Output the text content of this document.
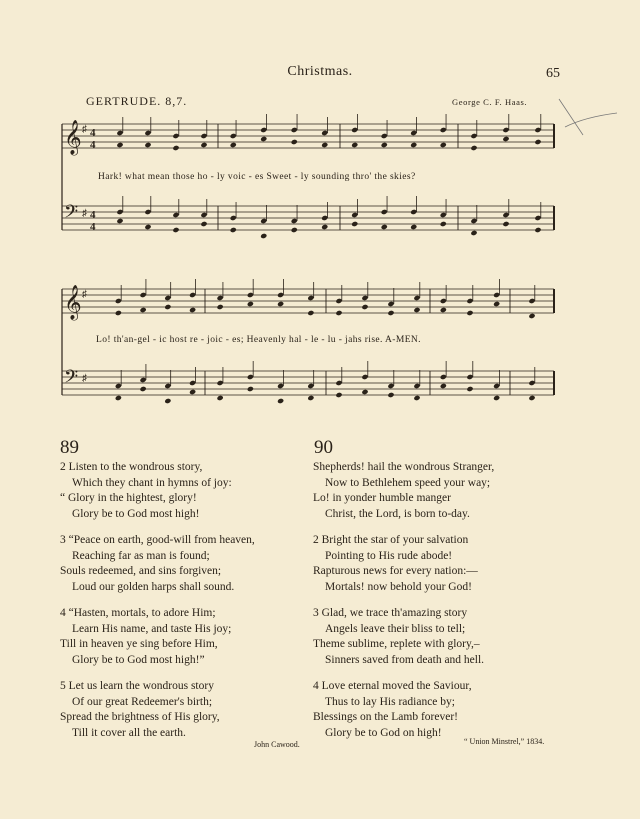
Christmas.	65
GERTRUDE. 8,7.	George C. F. Haas.
𝄞 ♯ 4
4
𝄢 ♯ 4
4
Hark! what mean those ho - ly voic - es Sweet - ly sounding thro' the skies?
𝄞 ♯
𝄢 ♯
Lo! th'an-gel - ic host re - joic - es; Heavenly hal - le - lu - jahs rise. A-MEN.
89
2 Listen to the wondrous story,
Which they chant in hymns of joy:
“ Glory in the hightest, glory!
Glory be to God most high!
3 “Peace on earth, good-will from heaven,
Reaching far as man is found;
Souls redeemed, and sins forgiven;
Loud our golden harps shall sound.
4 “Hasten, mortals, to adore Him;
Learn His name, and taste His joy;
Till in heaven ye sing before Him,
Glory be to God most high!”
5 Let us learn the wondrous story
Of our great Redeemer's birth;
Spread the brightness of His glory,
Till it cover all the earth.
John Cawood.
90
Shepherds! hail the wondrous Stranger,
Now to Bethlehem speed your way;
Lo! in yonder humble manger
Christ, the Lord, is born to-day.
2 Bright the star of your salvation
Pointing to His rude abode!
Rapturous news for every nation:—
Mortals! now behold your God!
3 Glad, we trace th'amazing story
Angels leave their bliss to tell;
Theme sublime, replete with glory,–
Sinners saved from death and hell.
4 Love eternal moved the Saviour,
Thus to lay His radiance by;
Blessings on the Lamb forever!
Glory be to God on high!
“ Union Minstrel,” 1834.
